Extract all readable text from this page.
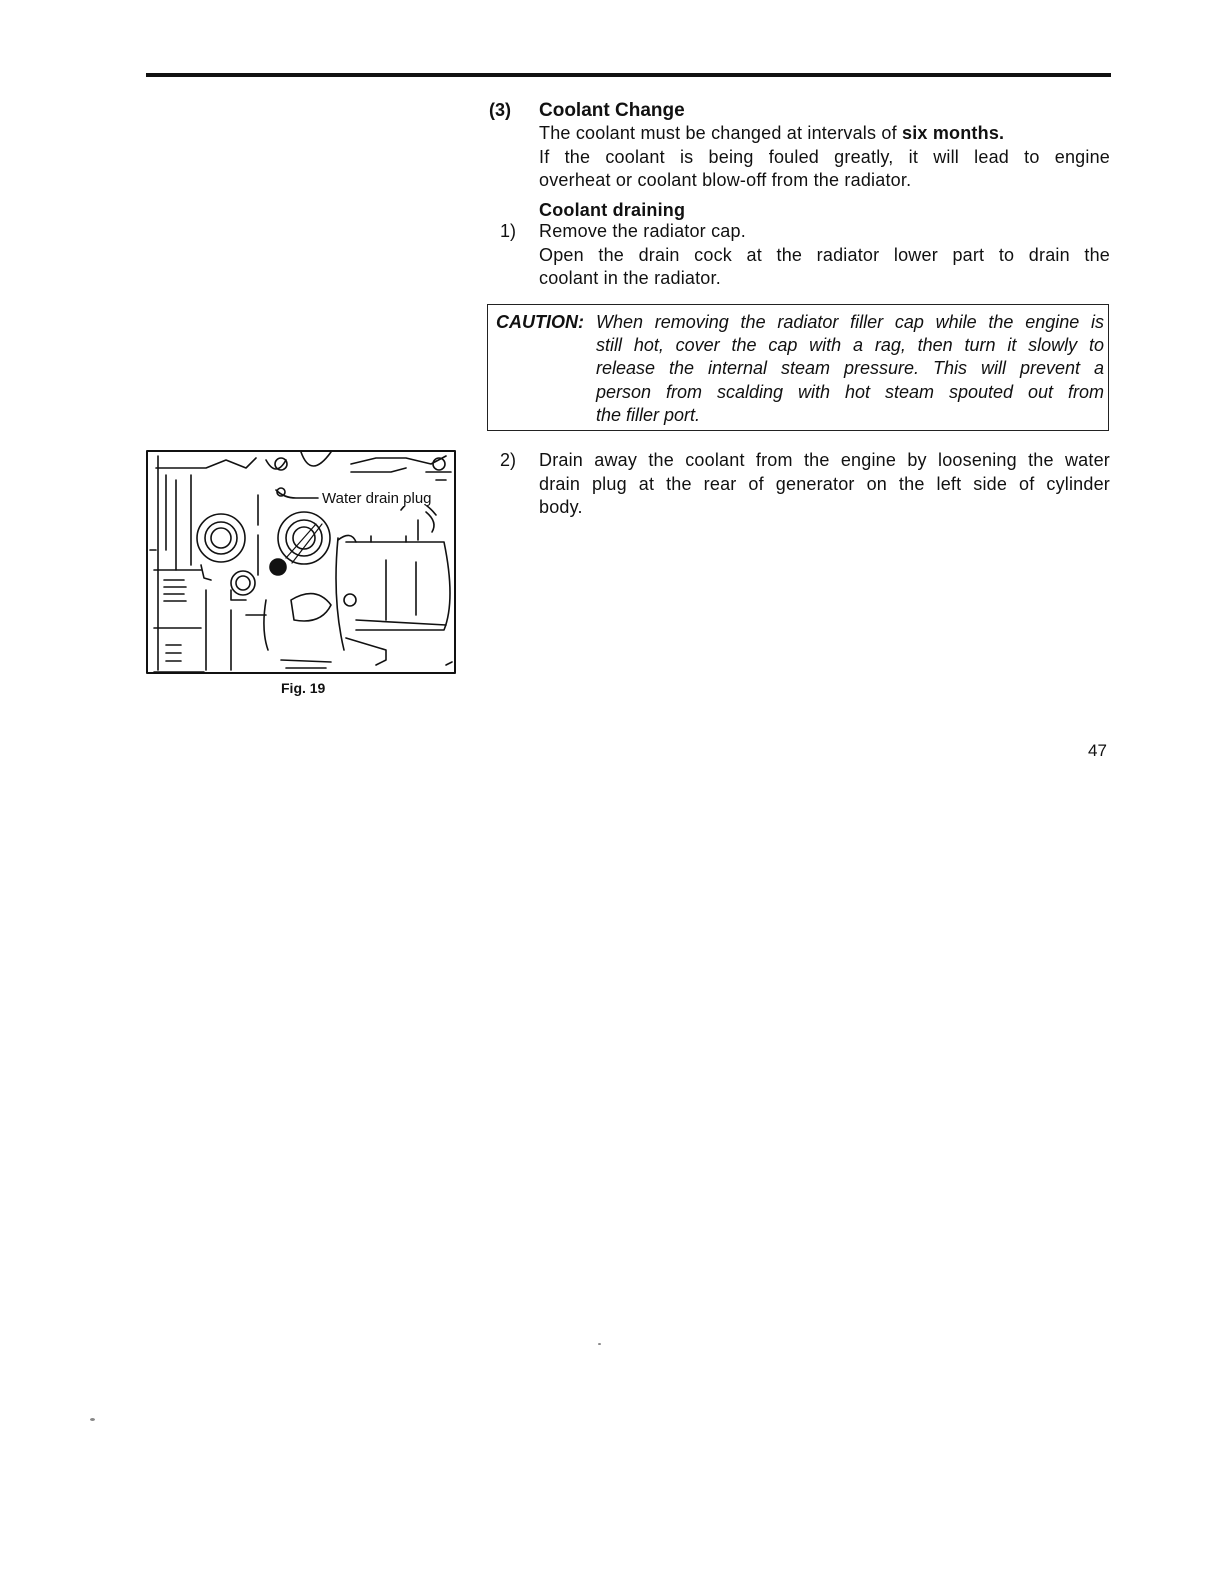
(3) Coolant Change

The coolant must be changed at intervals of six months.

If the coolant is being fouled greatly, it will lead to engine

overheat or coolant blow-off from the radiator.

Coolant draining

1) Remove the radiator cap.

Open the drain cock at the radiator lower part to drain the

coolant in the radiator.

CAUTION: When removing the radiator filler cap while the engine is

still hot, cover the cap with a rag, then turn it slowly to

release the internal steam pressure. This will prevent a

person from scalding with hot steam spouted out from

the filler port.

2) Drain away the coolant from the engine by loosening the water

drain plug at the rear of generator on the left side of cylinder

body.

Water drain plug
Fig. 19
47
